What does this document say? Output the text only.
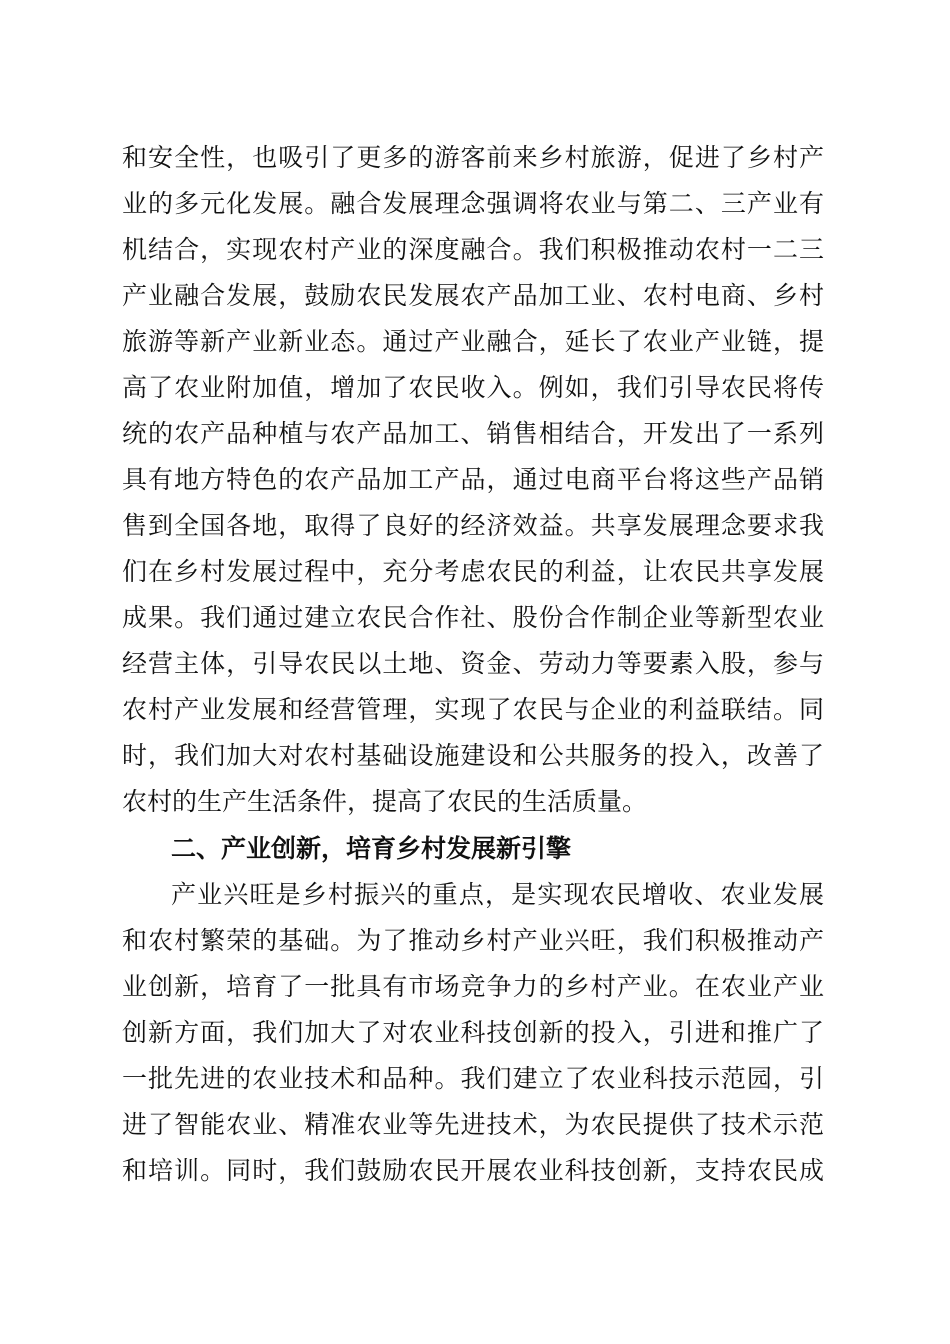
和安全性，也吸引了更多的游客前来乡村旅游，促进了乡村产
业的多元化发展。融合发展理念强调将农业与第二、三产业有
机结合，实现农村产业的深度融合。我们积极推动农村一二三
产业融合发展，鼓励农民发展农产品加工业、农村电商、乡村
旅游等新产业新业态。通过产业融合，延长了农业产业链，提
高了农业附加值，增加了农民收入。例如，我们引导农民将传
统的农产品种植与农产品加工、销售相结合，开发出了一系列
具有地方特色的农产品加工产品，通过电商平台将这些产品销
售到全国各地，取得了良好的经济效益。共享发展理念要求我
们在乡村发展过程中，充分考虑农民的利益，让农民共享发展
成果。我们通过建立农民合作社、股份合作制企业等新型农业
经营主体，引导农民以土地、资金、劳动力等要素入股，参与
农村产业发展和经营管理，实现了农民与企业的利益联结。同
时，我们加大对农村基础设施建设和公共服务的投入，改善了
农村的生产生活条件，提高了农民的生活质量。
二、产业创新，培育乡村发展新引擎
产业兴旺是乡村振兴的重点，是实现农民增收、农业发展
和农村繁荣的基础。为了推动乡村产业兴旺，我们积极推动产
业创新，培育了一批具有市场竞争力的乡村产业。在农业产业
创新方面，我们加大了对农业科技创新的投入，引进和推广了
一批先进的农业技术和品种。我们建立了农业科技示范园，引
进了智能农业、精准农业等先进技术，为农民提供了技术示范
和培训。同时，我们鼓励农民开展农业科技创新，支持农民成
